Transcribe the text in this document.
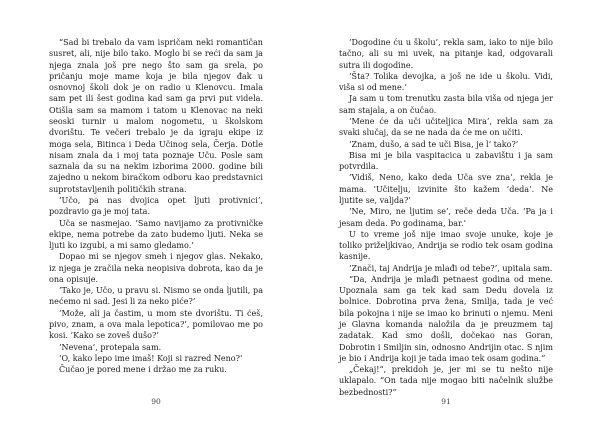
“Sad bi trebalo da vam ispričam neki romantičan susret, ali, nije bilo tako. Moglo bi se reći da sam ja njega znala još pre nego što sam ga srela, po pričanju moje mame koja je bila njegov đak u osnovnoj školi dok je on radio u Klenovcu. Imala sam pet ili šest godina kad sam ga prvi put videla. Otišla sam sa mamom i tatom u Klenovac na neki seoski turnir u malom nogometu, u školskom dvorištu. Te večeri trebalo je da igraju ekipe iz moga sela, Bitinca i Deda Učinog sela, Čerja. Dotle nisam znala da i moj tata poznaje Uču. Posle sam saznala da su na nekim izborima 2000. godine bili zajedno u nekom biračkom odboru kao predstavnici suprotstavljenih političkih strana.

’Učo, pa nas dvojica opet ljuti protivnici’, pozdravio ga je moj tata.

Uča se nasmejao. ’Samo navijamo za protivničke ekipe, nema potrebe da zato budemo ljuti. Neka se ljuti ko izgubi, a mi samo gledamo.’

Dopao mi se njegov smeh i njegov glas. Nekako, iz njega je zračila neka neopisiva dobrota, kao da je ona opisuje.

’Tako je, Učo, u pravu si. Nismo se onda ljutili, pa nećemo ni sad. Jesi li za neko piće?’

’Može, ali ja častim, u mom ste dvorištu. Ti ćeš, pivo, znam, a ova mala lepotica?’, pomilovao me po kosi. ’Kako se zoveš dušo?’

’Nevena’, protepala sam.

’O, kako lepo ime imaš! Koji si razred Neno?’

Čučao je pored mene i držao me za ruku.

90

’Dogodine ću u školu’, rekla sam, iako to nije bilo tačno, ali su mi uvek, na pitanje kad, odgovarali sutra ili dogodine.

’Šta? Tolika devojka, a još ne ide u školu. Vidi, viša si od mene.’

Ja sam u tom trenutku zasta bila viša od njega jer sam stajala, a on čučao.

’Mene će da uči učiteljica Mira’, rekla sam za svaki slučaj, da se ne nada da će me on učiti.

’Znam, dušo, a sad te uči Bisa, je l’ tako?’

Bisa mi je bila vaspitacica u zabavištu i ja sam potvrdila.

’Vidiš, Neno, kako deda Uča sve zna’, rekla je mama. ’Učitelju, izvinite što kažem ’deda’. Ne ljutite se, valjda?’

’Ne, Miro, ne ljutim se’, reče deda Uča. ’Pa ja i jesam deda. Po godinama, bar.’

U to vreme još nije imao svoje unuke, koje je toliko priželjkivao, Andrija se rodio tek osam godina kasnije.

’Znači, taj Andrija je mlađi od tebe?’, upitala sam.

“Da, Andrija je mlađi petnaest godina od mene. Upoznala sam ga tek kad sam Dedu dovela iz bolnice. Dobrotina prva žena, Smilja, tada je već bila pokojna i nije se imao ko brinuti o njemu. Meni je Glavna komanda naložila da je preuzmem taj zadatak. Kad smo došli, dočekao nas Goran, Dobrotin i Smiljin sin, odnosno Andrijin otac. S njim je bio i Andrija koji je tada imao tek osam godina.”

„Čekaj!“, prekidoh je, jer mi se tu nešto nije uklapalo. “On tada nije mogao biti načelnik službe bezbednosti?”

91
